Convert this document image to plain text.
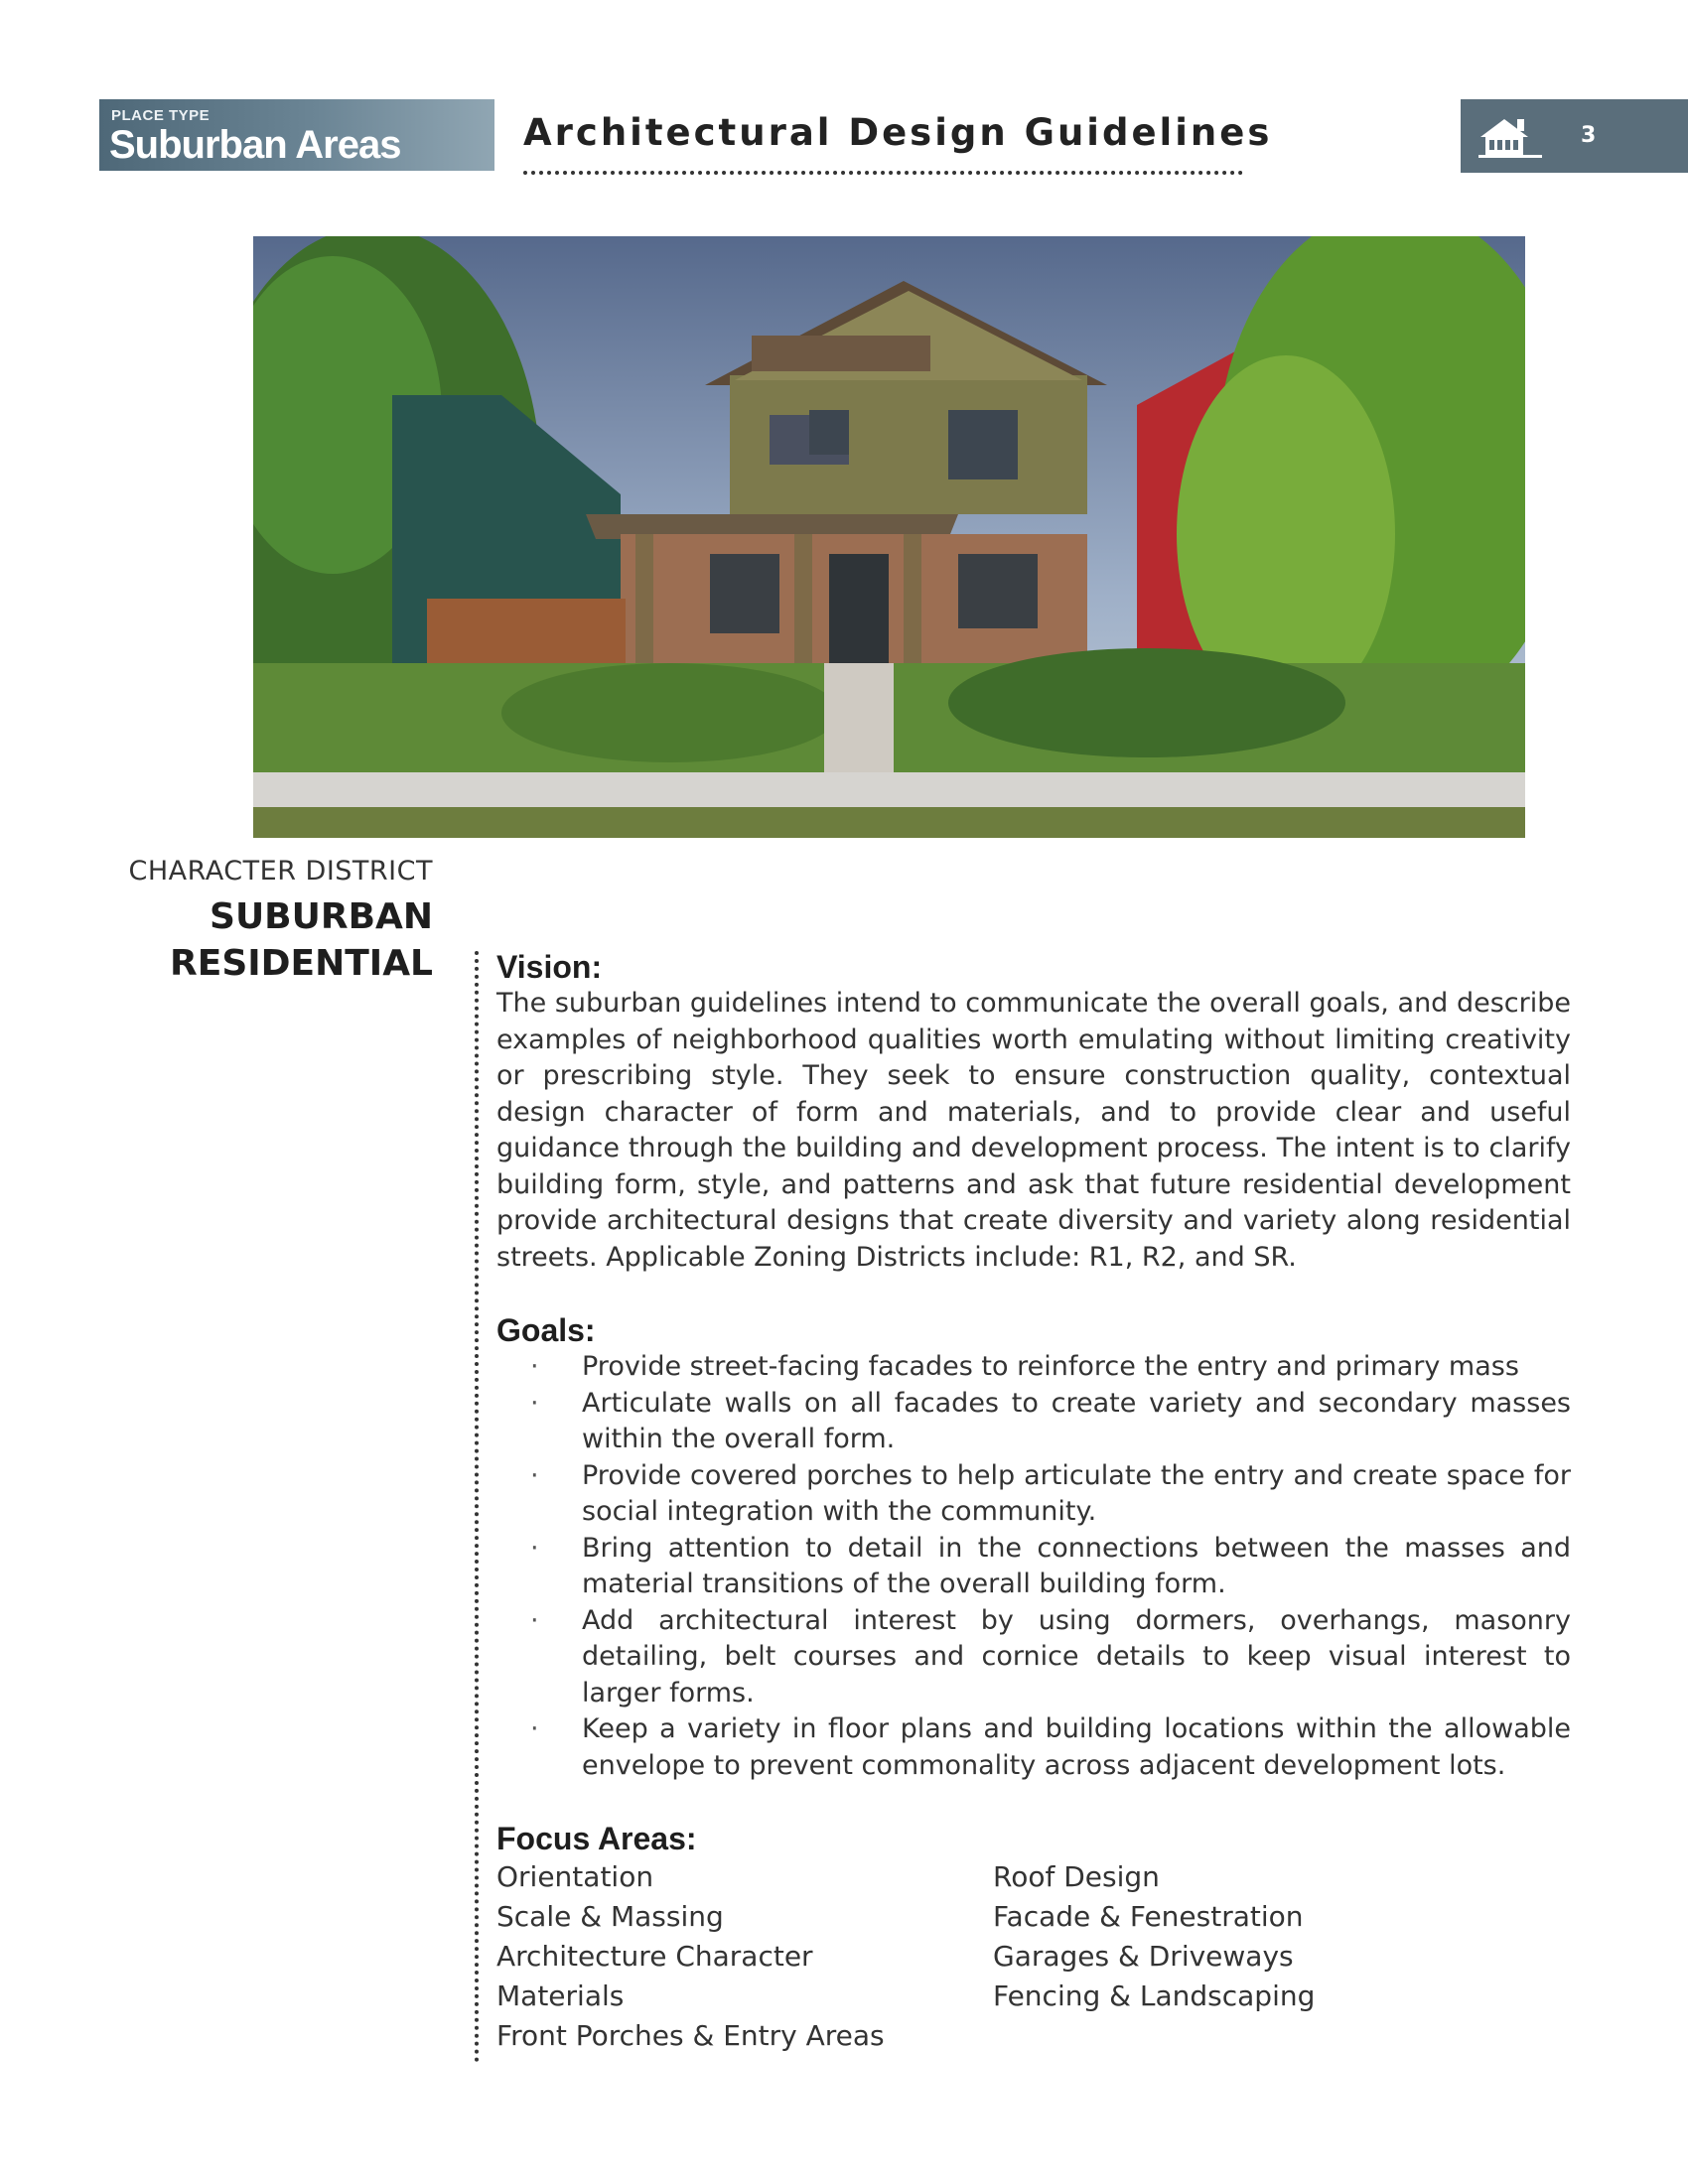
PLACE TYPE
Suburban Areas	Architectural Design Guidelines	3
CHARACTER DISTRICT
SUBURBAN
RESIDENTIAL Vision:

The suburban guidelines intend to communicate the overall goals, and describe examples of neighborhood qualities worth emulating without limiting creativity or prescribing style. They seek to ensure construction quality, contextual design character of form and materials, and to provide clear and useful guidance through the building and development process. The intent is to clarify building form, style, and patterns and ask that future residential development provide architectural designs that create diversity and variety along residential streets. Applicable Zoning Districts include: R1, R2, and SR.

Goals:
· Provide street-facing facades to reinforce the entry and primary mass
· Articulate walls on all facades to create variety and secondary masses within the overall form.
· Provide covered porches to help articulate the entry and create space for social integration with the community.
· Bring attention to detail in the connections between the masses and material transitions of the overall building form.
· Add architectural interest by using dormers, overhangs, masonry detailing, belt courses and cornice details to keep visual interest to larger forms.
· Keep a variety in floor plans and building locations within the allowable envelope to prevent commonality across adjacent development lots.
Focus Areas:
Orientation
Scale & Massing
Architecture Character
Materials
Front Porches & Entry Areas
Roof Design
Facade & Fenestration
Garages & Driveways
Fencing & Landscaping
